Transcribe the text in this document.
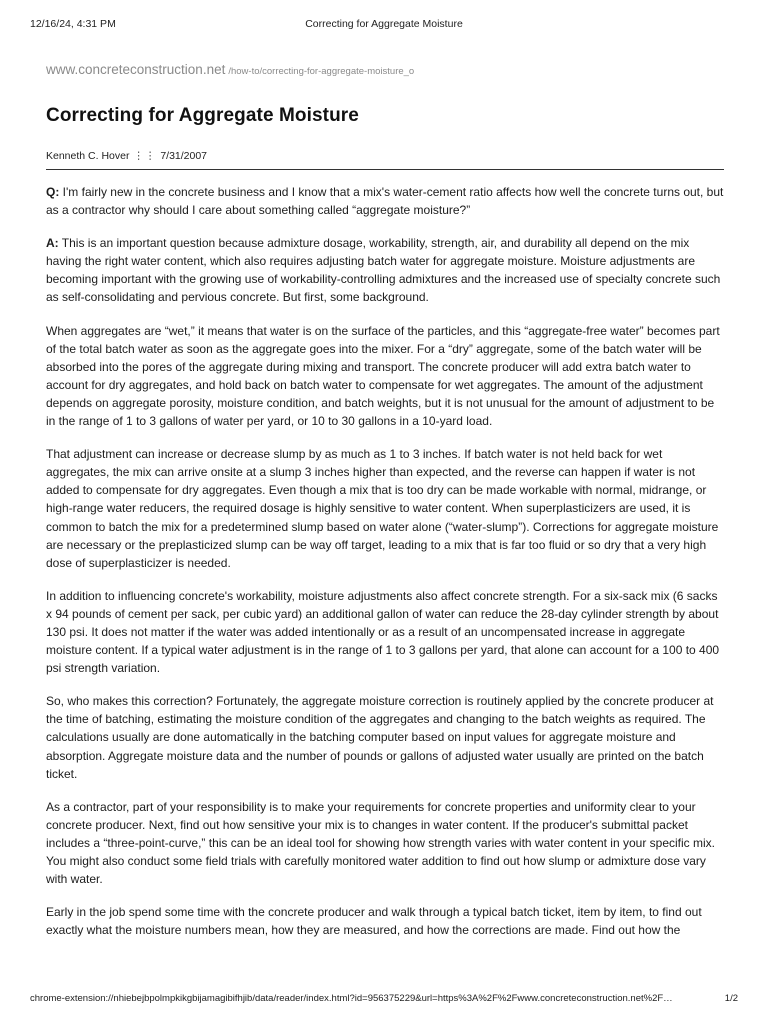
12/16/24, 4:31 PM	Correcting for Aggregate Moisture
www.concreteconstruction.net /how-to/correcting-for-aggregate-moisture_o
Correcting for Aggregate Moisture
Kenneth C. Hover ⋮⋮ 7/31/2007

Q: I'm fairly new in the concrete business and I know that a mix's water-cement ratio affects how well the concrete turns out, but as a contractor why should I care about something called “aggregate moisture?”

A: This is an important question because admixture dosage, workability, strength, air, and durability all depend on the mix having the right water content, which also requires adjusting batch water for aggregate moisture. Moisture adjustments are becoming important with the growing use of workability-controlling admixtures and the increased use of specialty concrete such as self-consolidating and pervious concrete. But first, some background.

When aggregates are “wet,” it means that water is on the surface of the particles, and this “aggregate-free water” becomes part of the total batch water as soon as the aggregate goes into the mixer. For a “dry” aggregate, some of the batch water will be absorbed into the pores of the aggregate during mixing and transport. The concrete producer will add extra batch water to account for dry aggregates, and hold back on batch water to compensate for wet aggregates. The amount of the adjustment depends on aggregate porosity, moisture condition, and batch weights, but it is not unusual for the amount of adjustment to be in the range of 1 to 3 gallons of water per yard, or 10 to 30 gallons in a 10-yard load.

That adjustment can increase or decrease slump by as much as 1 to 3 inches. If batch water is not held back for wet aggregates, the mix can arrive onsite at a slump 3 inches higher than expected, and the reverse can happen if water is not added to compensate for dry aggregates. Even though a mix that is too dry can be made workable with normal, midrange, or high-range water reducers, the required dosage is highly sensitive to water content. When superplasticizers are used, it is common to batch the mix for a predetermined slump based on water alone (“water-slump”). Corrections for aggregate moisture are necessary or the preplasticized slump can be way off target, leading to a mix that is far too fluid or so dry that a very high dose of superplasticizer is needed.

In addition to influencing concrete's workability, moisture adjustments also affect concrete strength. For a six-sack mix (6 sacks x 94 pounds of cement per sack, per cubic yard) an additional gallon of water can reduce the 28-day cylinder strength by about 130 psi. It does not matter if the water was added intentionally or as a result of an uncompensated increase in aggregate moisture content. If a typical water adjustment is in the range of 1 to 3 gallons per yard, that alone can account for a 100 to 400 psi strength variation.

So, who makes this correction? Fortunately, the aggregate moisture correction is routinely applied by the concrete producer at the time of batching, estimating the moisture condition of the aggregates and changing to the batch weights as required. The calculations usually are done automatically in the batching computer based on input values for aggregate moisture and absorption. Aggregate moisture data and the number of pounds or gallons of adjusted water usually are printed on the batch ticket.

As a contractor, part of your responsibility is to make your requirements for concrete properties and uniformity clear to your concrete producer. Next, find out how sensitive your mix is to changes in water content. If the producer's submittal packet includes a “three-point-curve,” this can be an ideal tool for showing how strength varies with water content in your specific mix. You might also conduct some field trials with carefully monitored water addition to find out how slump or admixture dose vary with water.

Early in the job spend some time with the concrete producer and walk through a typical batch ticket, item by item, to find out exactly what the moisture numbers mean, how they are measured, and how the corrections are made. Find out how the

chrome-extension://nhiebejbpolmpkikgbijamagibifhjib/data/reader/index.html?id=956375229&url=https%3A%2F%2Fwww.concreteconstruction.net%2F…	1/2
